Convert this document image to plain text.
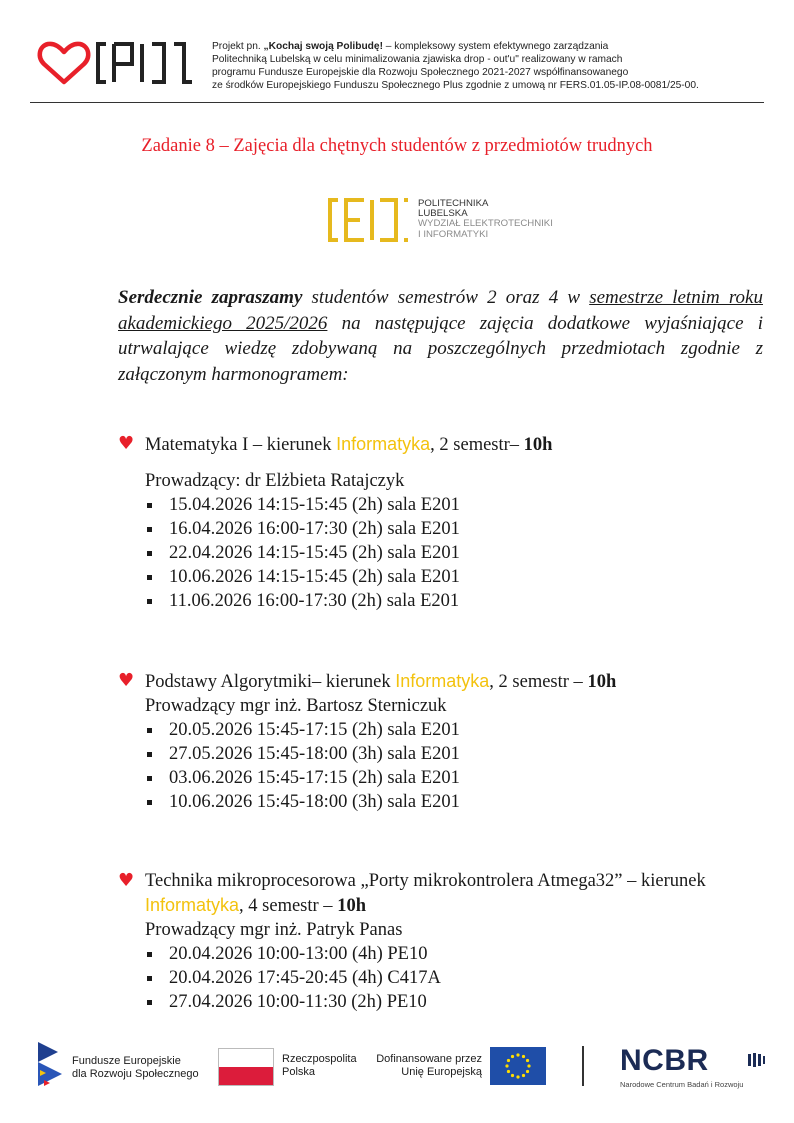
Projekt pn. „Kochaj swoją Polibudę! – kompleksowy system efektywnego zarządzania
Politechniką Lubelską w celu minimalizowania zjawiska drop - out'u" realizowany w ramach
programu Fundusze Europejskie dla Rozwoju Społecznego 2021-2027 współfinansowanego
ze środków Europejskiego Funduszu Społecznego Plus zgodnie z umową nr FERS.01.05-IP.08-0081/25-00.
Zadanie 8 – Zajęcia dla chętnych studentów z przedmiotów trudnych
POLITECHNIKA
LUBELSKA
WYDZIAŁ ELEKTROTECHNIKI
I INFORMATYKI
Serdecznie zapraszamy studentów semestrów 2 oraz 4 w semestrze letnim roku akademickiego 2025/2026 na następujące zajęcia dodatkowe wyjaśniające i utrwalające wiedzę zdobywaną na poszczególnych przedmiotach zgodnie z załączonym harmonogramem:
♥ Matematyka I – kierunek Informatyka, 2 semestr– 10h
Prowadzący: dr Elżbieta Ratajczyk
15.04.2026 14:15-15:45 (2h) sala E201
16.04.2026 16:00-17:30 (2h) sala E201
22.04.2026 14:15-15:45 (2h) sala E201
10.06.2026 14:15-15:45 (2h) sala E201
11.06.2026 16:00-17:30 (2h) sala E201
♥ Podstawy Algorytmiki– kierunek Informatyka, 2 semestr – 10h
Prowadzący mgr inż. Bartosz Sterniczuk
20.05.2026 15:45-17:15 (2h) sala E201
27.05.2026 15:45-18:00 (3h) sala E201
03.06.2026 15:45-17:15 (2h) sala E201
10.06.2026 15:45-18:00 (3h) sala E201
♥ Technika mikroprocesorowa „Porty mikrokontrolera Atmega32” – kierunek Informatyka, 4 semestr – 10h
Prowadzący mgr inż. Patryk Panas
20.04.2026 10:00-13:00 (4h) PE10
20.04.2026 17:45-20:45 (4h) C417A
27.04.2026 10:00-11:30 (2h) PE10
Fundusze Europejskie
dla Rozwoju Społecznego
Rzeczpospolita
Polska
Dofinansowane przez
Unię Europejską	NCBR
Narodowe Centrum Badań i Rozwoju
